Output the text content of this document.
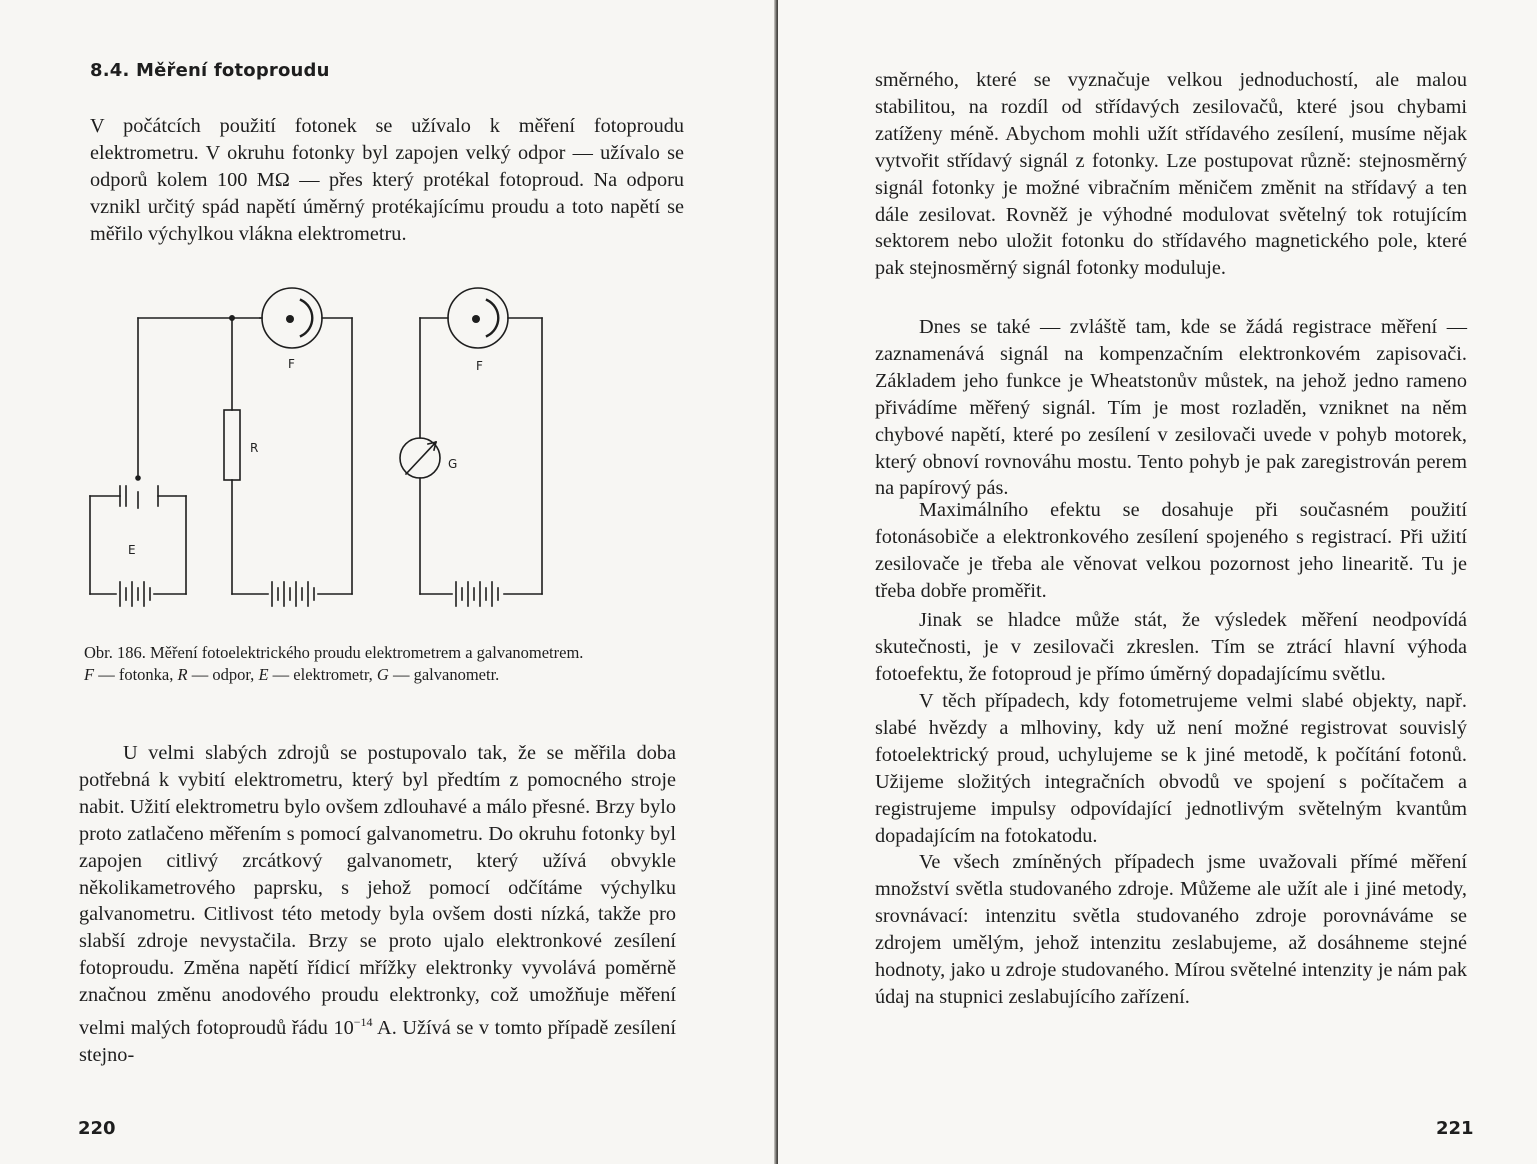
8.4. Měření fotoproudu

V počátcích použití fotonek se užívalo k měření fotoproudu elektrometru. V okruhu fotonky byl zapojen velký odpor — užívalo se odporů kolem 100 MΩ — přes který protékal fotoproud. Na odporu vznikl určitý spád napětí úměrný protékajícímu proudu a toto napětí se měřilo výchylkou vlákna elektrometru.

F	F
R
E
G
Obr. 186. Měření fotoelektrického proudu elektrometrem a galvanometrem.
F — fotonka, R — odpor, E — elektrometr, G — galvanometr.

U velmi slabých zdrojů se postupovalo tak, že se měřila doba potřebná k vybití elektrometru, který byl předtím z pomocného stroje nabit. Užití elektrometru bylo ovšem zdlouhavé a málo přesné. Brzy bylo proto zatlačeno měřením s pomocí galvanometru. Do okruhu fotonky byl zapojen citlivý zrcátkový galvanometr, který užívá obvykle několikametrového paprsku, s jehož pomocí odčítáme výchylku galvanometru. Citlivost této metody byla ovšem dosti nízká, takže pro slabší zdroje nevystačila. Brzy se proto ujalo elektronkové zesílení fotoproudu. Změna napětí řídicí mřížky elektronky vyvolává poměrně značnou změnu anodového proudu elektronky, což umožňuje měření velmi malých fotoproudů řádu $10^{-14}$ A. Užívá se v tomto případě zesílení stejno-

220

směrného, které se vyznačuje velkou jednoduchostí, ale malou stabilitou, na rozdíl od střídavých zesilovačů, které jsou chybami zatíženy méně. Abychom mohli užít střídavého zesílení, musíme nějak vytvořit střídavý signál z fotonky. Lze postupovat různě: stejnosměrný signál fotonky je možné vibračním měničem změnit na střídavý a ten dále zesilovat. Rovněž je výhodné modulovat světelný tok rotujícím sektorem nebo uložit fotonku do střídavého magnetického pole, které pak stejnosměrný signál fotonky moduluje.

Dnes se také — zvláště tam, kde se žádá registrace měření — zaznamenává signál na kompenzačním elektronkovém zapisovači. Základem jeho funkce je Wheatstonův můstek, na jehož jedno rameno přivádíme měřený signál. Tím je most rozladěn, vzniknet na něm chybové napětí, které po zesílení v zesilovači uvede v pohyb motorek, který obnoví rovnováhu mostu. Tento pohyb je pak zaregistrován perem na papírový pás.

Maximálního efektu se dosahuje při současném použití fotonásobiče a elektronkového zesílení spojeného s registrací. Při užití zesilovače je třeba ale věnovat velkou pozornost jeho linearitě. Tu je třeba dobře proměřit.

Jinak se hladce může stát, že výsledek měření neodpovídá skutečnosti, je v zesilovači zkreslen. Tím se ztrácí hlavní výhoda fotoefektu, že fotoproud je přímo úměrný dopadajícímu světlu.

V těch případech, kdy fotometrujeme velmi slabé objekty, např. slabé hvězdy a mlhoviny, kdy už není možné registrovat souvislý fotoelektrický proud, uchylujeme se k jiné metodě, k počítání fotonů. Užijeme složitých integračních obvodů ve spojení s počítačem a registrujeme impulsy odpovídající jednotlivým světelným kvantům dopadajícím na fotokatodu.

Ve všech zmíněných případech jsme uvažovali přímé měření množství světla studovaného zdroje. Můžeme ale užít ale i jiné metody, srovnávací: intenzitu světla studovaného zdroje porovnáváme se zdrojem umělým, jehož intenzitu zeslabujeme, až dosáhneme stejné hodnoty, jako u zdroje studovaného. Mírou světelné intenzity je nám pak údaj na stupnici zeslabujícího zařízení.

221
